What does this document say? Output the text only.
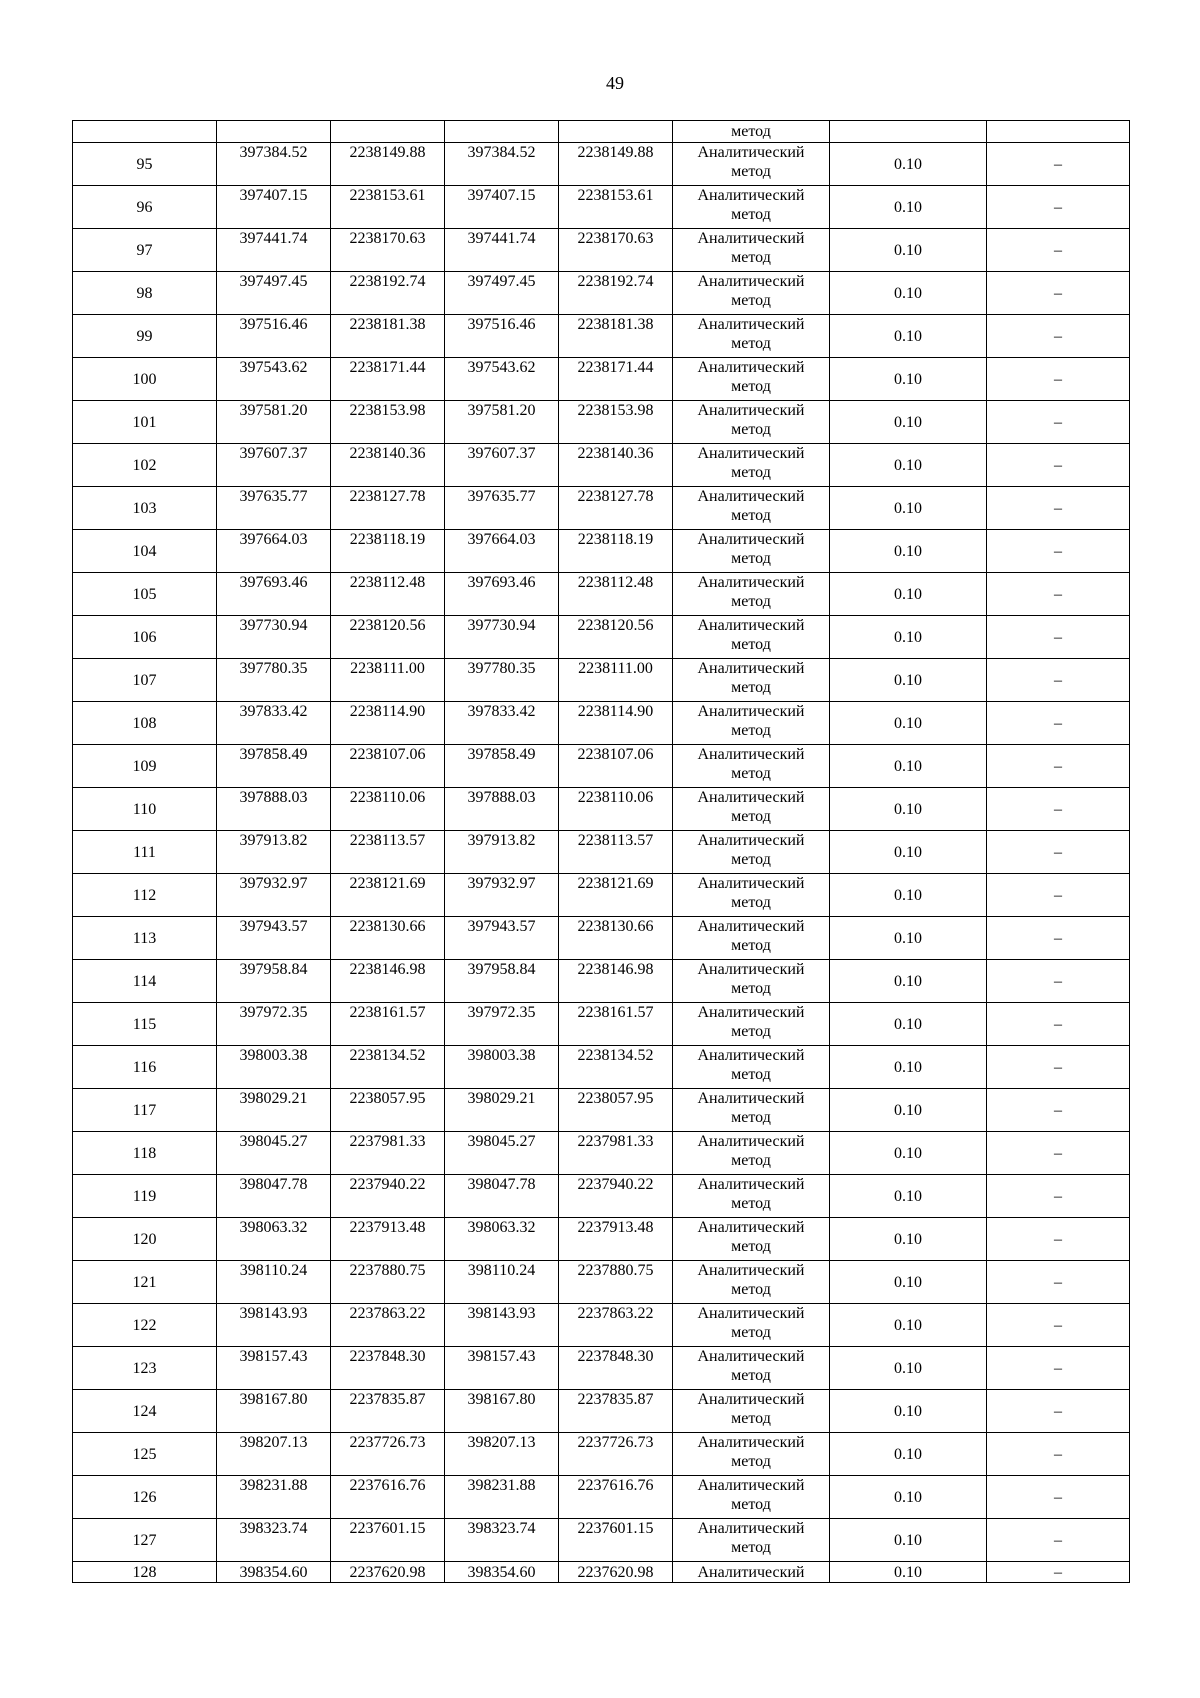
49
					метод		
95	397384.52	2238149.88	397384.52	2238149.88	Аналитический
метод	0.10	–
96	397407.15	2238153.61	397407.15	2238153.61	Аналитический
метод	0.10	–
97	397441.74	2238170.63	397441.74	2238170.63	Аналитический
метод	0.10	–
98	397497.45	2238192.74	397497.45	2238192.74	Аналитический
метод	0.10	–
99	397516.46	2238181.38	397516.46	2238181.38	Аналитический
метод	0.10	–
100	397543.62	2238171.44	397543.62	2238171.44	Аналитический
метод	0.10	–
101	397581.20	2238153.98	397581.20	2238153.98	Аналитический
метод	0.10	–
102	397607.37	2238140.36	397607.37	2238140.36	Аналитический
метод	0.10	–
103	397635.77	2238127.78	397635.77	2238127.78	Аналитический
метод	0.10	–
104	397664.03	2238118.19	397664.03	2238118.19	Аналитический
метод	0.10	–
105	397693.46	2238112.48	397693.46	2238112.48	Аналитический
метод	0.10	–
106	397730.94	2238120.56	397730.94	2238120.56	Аналитический
метод	0.10	–
107	397780.35	2238111.00	397780.35	2238111.00	Аналитический
метод	0.10	–
108	397833.42	2238114.90	397833.42	2238114.90	Аналитический
метод	0.10	–
109	397858.49	2238107.06	397858.49	2238107.06	Аналитический
метод	0.10	–
110	397888.03	2238110.06	397888.03	2238110.06	Аналитический
метод	0.10	–
111	397913.82	2238113.57	397913.82	2238113.57	Аналитический
метод	0.10	–
112	397932.97	2238121.69	397932.97	2238121.69	Аналитический
метод	0.10	–
113	397943.57	2238130.66	397943.57	2238130.66	Аналитический
метод	0.10	–
114	397958.84	2238146.98	397958.84	2238146.98	Аналитический
метод	0.10	–
115	397972.35	2238161.57	397972.35	2238161.57	Аналитический
метод	0.10	–
116	398003.38	2238134.52	398003.38	2238134.52	Аналитический
метод	0.10	–
117	398029.21	2238057.95	398029.21	2238057.95	Аналитический
метод	0.10	–
118	398045.27	2237981.33	398045.27	2237981.33	Аналитический
метод	0.10	–
119	398047.78	2237940.22	398047.78	2237940.22	Аналитический
метод	0.10	–
120	398063.32	2237913.48	398063.32	2237913.48	Аналитический
метод	0.10	–
121	398110.24	2237880.75	398110.24	2237880.75	Аналитический
метод	0.10	–
122	398143.93	2237863.22	398143.93	2237863.22	Аналитический
метод	0.10	–
123	398157.43	2237848.30	398157.43	2237848.30	Аналитический
метод	0.10	–
124	398167.80	2237835.87	398167.80	2237835.87	Аналитический
метод	0.10	–
125	398207.13	2237726.73	398207.13	2237726.73	Аналитический
метод	0.10	–
126	398231.88	2237616.76	398231.88	2237616.76	Аналитический
метод	0.10	–
127	398323.74	2237601.15	398323.74	2237601.15	Аналитический
метод	0.10	–
128	398354.60	2237620.98	398354.60	2237620.98	Аналитический	0.10	–
